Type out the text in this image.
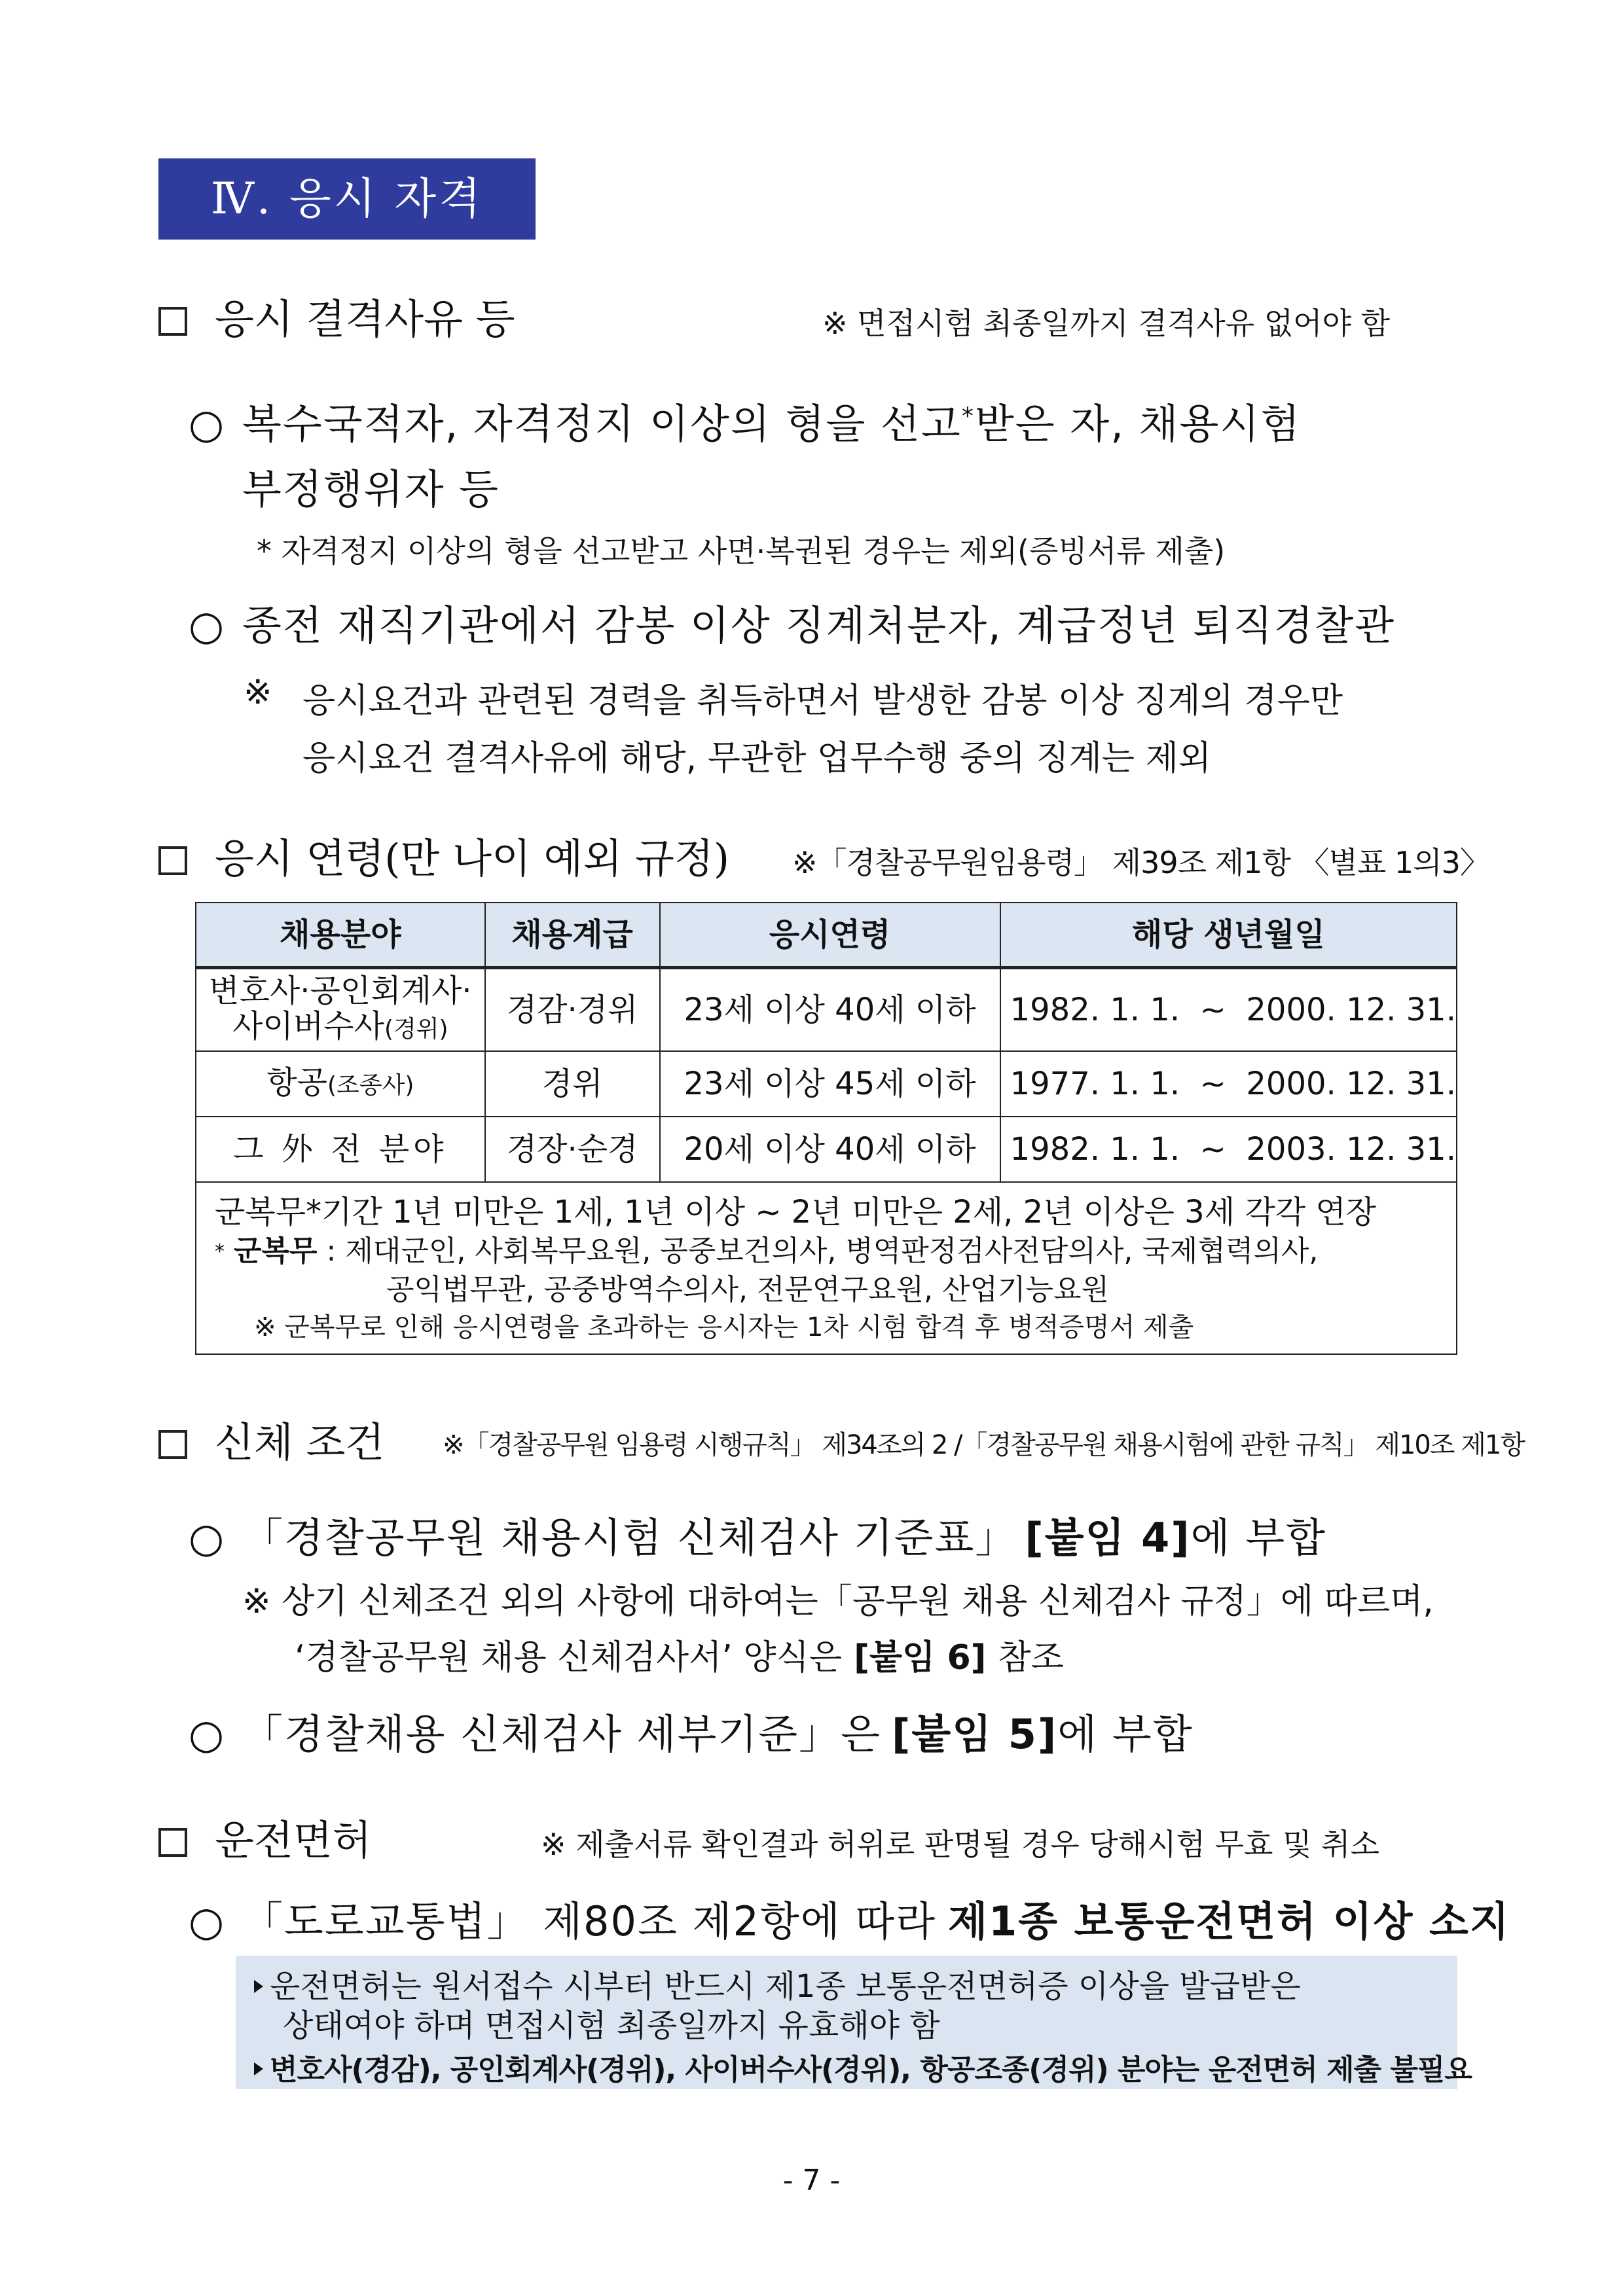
Ⅳ. 응시 자격
응시 결격사유 등	※ 면접시험 최종일까지 결격사유 없어야 함
○ 복수국적자, 자격정지 이상의 형을 선고*받은 자, 채용시험
부정행위자 등
* 자격정지 이상의 형을 선고받고 사면·복권된 경우는 제외(증빙서류 제출)
○ 종전 재직기관에서 감봉 이상 징계처분자, 계급정년 퇴직경찰관
※ 응시요건과 관련된 경력을 취득하면서 발생한 감봉 이상 징계의 경우만
응시요건 결격사유에 해당, 무관한 업무수행 중의 징계는 제외
응시 연령(만 나이 예외 규정) ※「경찰공무원임용령」 제39조 제1항 〈별표 1의3〉
채용분야	채용계급	응시연령	해당 생년월일

변호사·공인회계사·
사이버수사(경위)	경감·경위	23세 이상 40세 이하	1982. 1. 1.  ~  2000. 12. 31.
항공(조종사)	경위	23세 이상 45세 이하	1977. 1. 1.  ~  2000. 12. 31.
그 外 전 분야	경장·순경	20세 이상 40세 이하	1982. 1. 1.  ~  2003. 12. 31.

군복무*기간 1년 미만은 1세, 1년 이상 ~ 2년 미만은 2세, 2년 이상은 3세 각각 연장
* 군복무 : 제대군인, 사회복무요원, 공중보건의사, 병역판정검사전담의사, 국제협력의사,
공익법무관, 공중방역수의사, 전문연구요원, 산업기능요원
※ 군복무로 인해 응시연령을 초과하는 응시자는 1차 시험 합격 후 병적증명서 제출			
신체 조건 ※「경찰공무원 임용령 시행규칙」 제34조의 2 /「경찰공무원 채용시험에 관한 규칙」 제10조 제1항
○ 「경찰공무원 채용시험 신체검사 기준표」 [붙임 4]에 부합
※ 상기 신체조건 외의 사항에 대하여는「공무원 채용 신체검사 규정」에 따르며,
‘경찰공무원 채용 신체검사서’ 양식은 [붙임 6] 참조
○ 「경찰채용 신체검사 세부기준」은 [붙임 5]에 부합
운전면허	※ 제출서류 확인결과 허위로 판명될 경우 당해시험 무효 및 취소
○ 「도로교통법」 제80조 제2항에 따라 제1종 보통운전면허 이상 소지
운전면허는 원서접수 시부터 반드시 제1종 보통운전면허증 이상을 발급받은
상태여야 하며 면접시험 최종일까지 유효해야 함
변호사(경감), 공인회계사(경위), 사이버수사(경위), 항공조종(경위) 분야는 운전면허 제출 불필요
- 7 -
